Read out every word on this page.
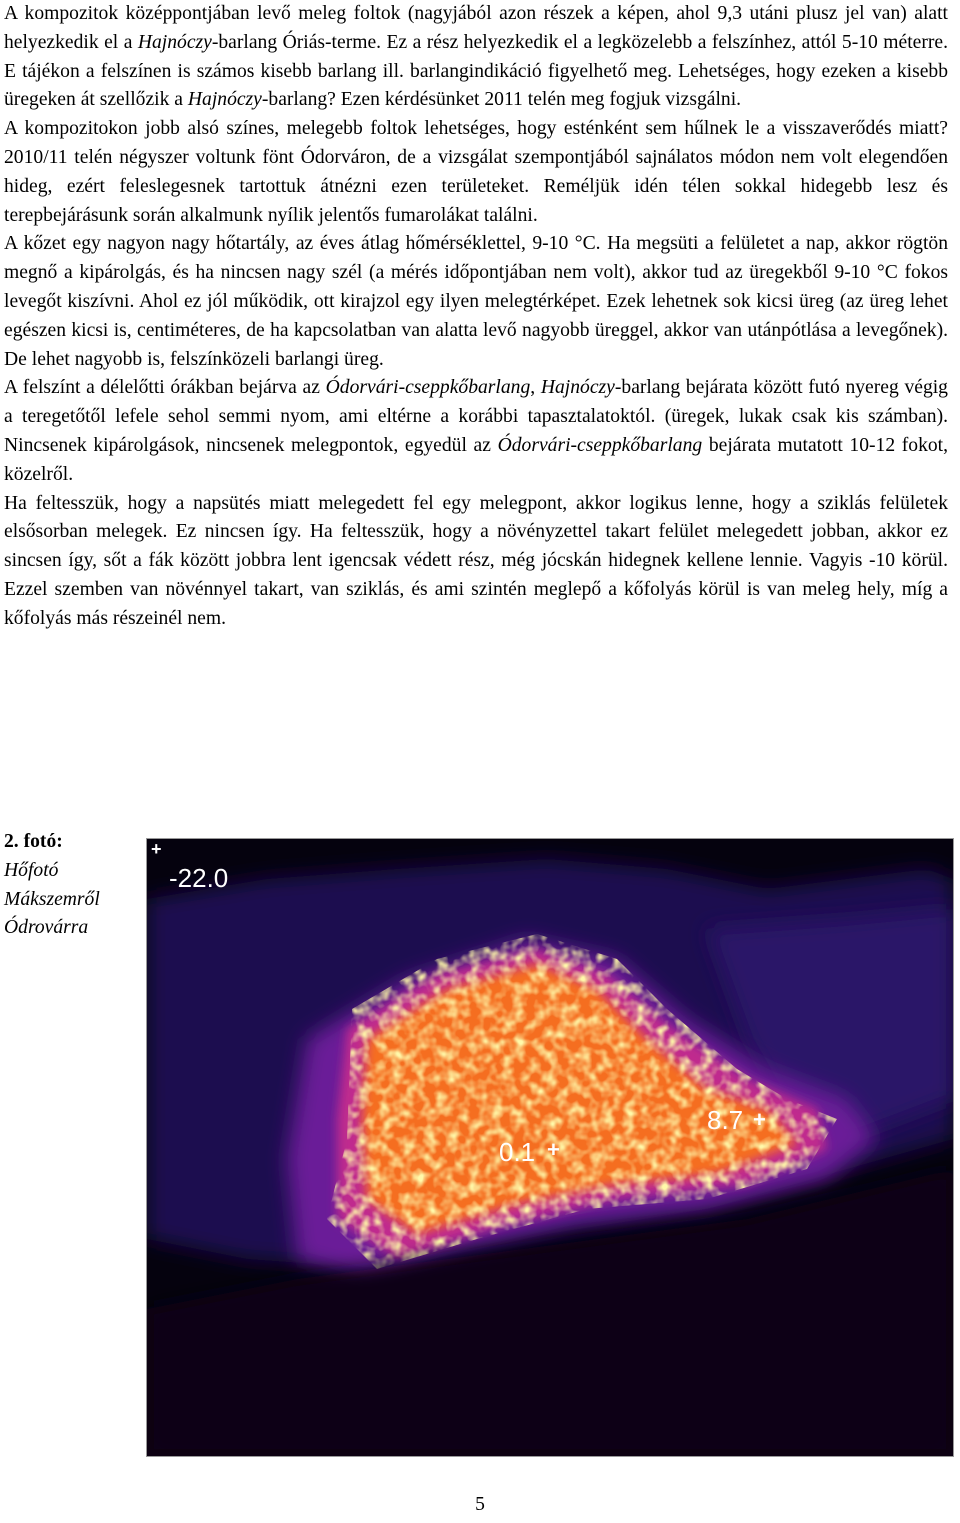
A kompozitok középpontjában levő meleg foltok (nagyjából azon részek a képen, ahol 9,3 utáni plusz jel van) alatt helyezkedik el a Hajnóczy-barlang Óriás-terme. Ez a rész helyezkedik el a legközelebb a felszínhez, attól 5-10 méterre. E tájékon a felszínen is számos kisebb barlang ill. barlangindikáció figyelhető meg. Lehetséges, hogy ezeken a kisebb üregeken át szellőzik a Hajnóczy-barlang? Ezen kérdésünket 2011 telén meg fogjuk vizsgálni.

A kompozitokon jobb alsó színes, melegebb foltok lehetséges, hogy esténként sem hűlnek le a visszaverődés miatt? 2010/11 telén négyszer voltunk fönt Ódorváron, de a vizsgálat szempontjából sajnálatos módon nem volt elegendően hideg, ezért feleslegesnek tartottuk átnézni ezen területeket. Reméljük idén télen sokkal hidegebb lesz és terepbejárásunk során alkalmunk nyílik jelentős fumarolákat találni.

A kőzet egy nagyon nagy hőtartály, az éves átlag hőmérséklettel, 9-10 °C. Ha megsüti a felületet a nap, akkor rögtön megnő a kipárolgás, és ha nincsen nagy szél (a mérés időpontjában nem volt), akkor tud az üregekből 9-10 °C fokos levegőt kiszívni. Ahol ez jól működik, ott kirajzol egy ilyen melegtérképet. Ezek lehetnek sok kicsi üreg (az üreg lehet egészen kicsi is, centiméteres, de ha kapcsolatban van alatta levő nagyobb üreggel, akkor van utánpótlása a levegőnek). De lehet nagyobb is, felszínközeli barlangi üreg.

A felszínt a délelőtti órákban bejárva az Ódorvári-cseppkőbarlang, Hajnóczy-barlang bejárata között futó nyereg végig a teregetőtől lefele sehol semmi nyom, ami eltérne a korábbi tapasztalatoktól. (üregek, lukak csak kis számban). Nincsenek kipárolgások, nincsenek melegpontok, egyedül az Ódorvári-cseppkőbarlang bejárata mutatott 10-12 fokot, közelről.

Ha feltesszük, hogy a napsütés miatt melegedett fel egy melegpont, akkor logikus lenne, hogy a sziklás felületek elsősorban melegek. Ez nincsen így. Ha feltesszük, hogy a növényzettel takart felület melegedett jobban, akkor ez sincsen így, sőt a fák között jobbra lent igencsak védett rész, még jócskán hidegnek kellene lennie. Vagyis -10 körül. Ezzel szemben van növénnyel takart, van sziklás, és ami szintén meglepő a kőfolyás körül is van meleg hely, míg a kőfolyás más részeinél nem.

2. fotó:
Hőfotó Mákszemről Ódrovárra
+
-22.0
0.1 +
8.7 +
5
